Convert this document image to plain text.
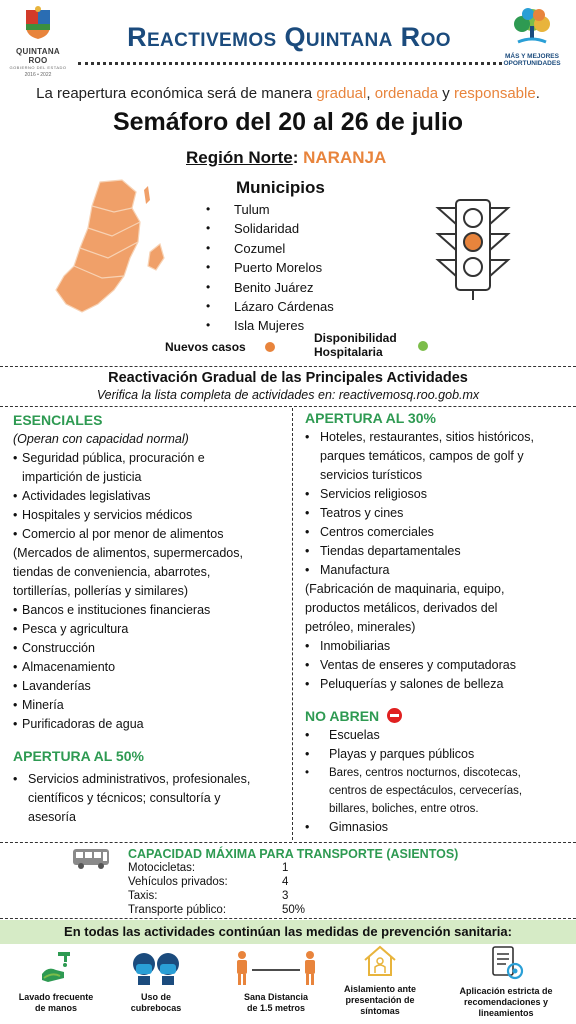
QUINTANA ROO
GOBIERNO DEL ESTADO
2016 • 2022
Reactivemos Quintana Roo
MÁS Y MEJORES
OPORTUNIDADES
La reapertura económica será de manera gradual, ordenada y responsable.
Semáforo del 20 al 26 de julio
Región Norte: NARANJA
Municipios
• Tulum
• Solidaridad
• Cozumel
• Puerto Morelos
• Benito Juárez
• Lázaro Cárdenas
• Isla Mujeres
Nuevos casos
Disponibilidad
Hospitalaria
Reactivación Gradual de las Principales Actividades
Verifica la lista completa de actividades en: reactivemosq.roo.gob.mx
ESENCIALES
(Operan con capacidad normal)
• Seguridad pública, procuración e
impartición de justicia
• Actividades legislativas
• Hospitales y servicios médicos
• Comercio al por menor de alimentos
(Mercados de alimentos, supermercados,
tiendas de conveniencia, abarrotes,
tortillerías, pollerías y similares)
• Bancos e instituciones financieras
• Pesca y agricultura
• Construcción
• Almacenamiento
• Lavanderías
• Minería
• Purificadoras de agua
APERTURA AL 50%
• Servicios administrativos, profesionales,
científicos y técnicos; consultoría y
asesoría
APERTURA AL 30%
• Hoteles, restaurantes, sitios históricos,
parques temáticos, campos de golf y
servicios turísticos
• Servicios religiosos
• Teatros y cines
• Centros comerciales
• Tiendas departamentales
• Manufactura
(Fabricación de maquinaria, equipo,
productos metálicos, derivados del
petróleo, minerales)
• Inmobiliarias
• Ventas de enseres y computadoras
• Peluquerías y salones de belleza
NO ABREN
• Escuelas
• Playas y parques públicos
• Bares, centros nocturnos, discotecas,
centros de espectáculos, cervecerías,
billares, boliches, entre otros.
• Gimnasios
CAPACIDAD MÁXIMA PARA TRANSPORTE (ASIENTOS)
Motocicletas:	1
Vehículos privados:	4
Taxis:	3
Transporte público:	50%
En todas las actividades continúan las medidas de prevención sanitaria:
Lavado frecuente
de manos
Uso de
cubrebocas
Sana Distancia
de 1.5 metros
Aislamiento ante
presentación de
síntomas
Aplicación estricta de
recomendaciones y
lineamientos
